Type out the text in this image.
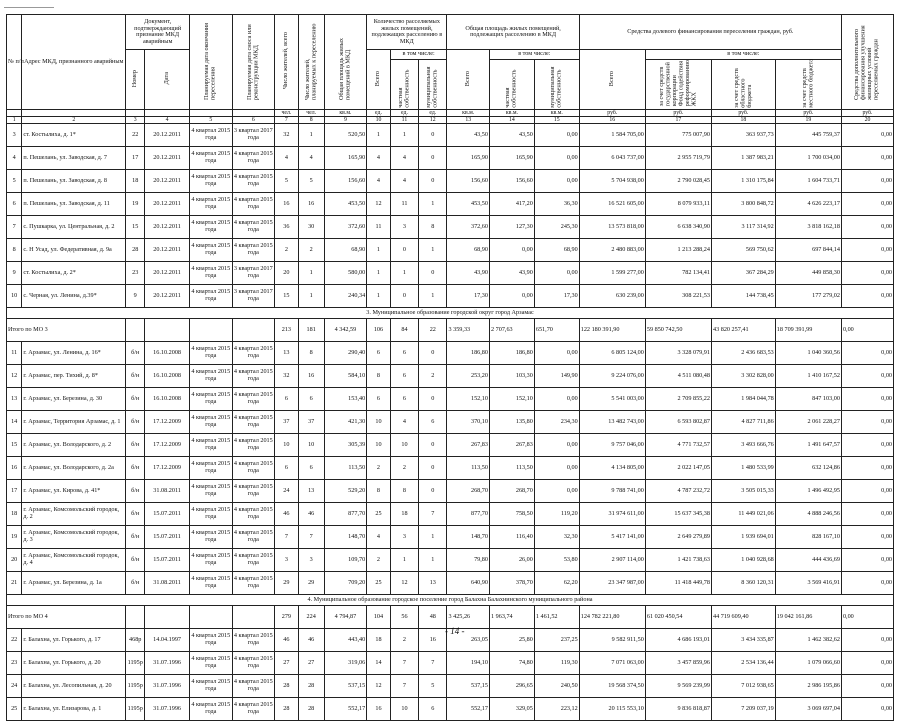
№ п/п	Адрес МКД, признанного аварийным	Документ, подтверждающий признание МКД аварийным		Планируемая дата окончания переселения	Планируемая дата сноса или реконструкции МКД	Число жителей, всего	Число жителей, планируемых к переселению	Общая площадь жилых помещений в МКД	Количество расселяемых жилых помещений, подлежащих расселению в МКД			Общая площадь жилых помещений, подлежащих расселению в МКД			Средства долевого финансирования переселения граждан, руб.				Средства дополнительного финансирования улучшения жилищных условий переселяемых граждан
		Номер	Дата						Всего	в том числе:		Всего	в том числе:		Всего	в том числе:			
										частная собственность	муниципальная собственность		частная собственность	муниципальная собственность		за счет средств государственной корпорации Фонд содействия реформированию ЖКХ	за счет средств областного бюджета	за счет средств местного бюджета	
						чел.	чел.	кв.м.	ед.	ед.	ед.	кв.м.	кв.м.	кв.м.	руб.	руб.	руб.	руб.	руб.
1	2	3	4	5	6	7	8	9	10	11	12	13	14	15	16	17	18	19	20
3	ст. Костылихa, д. 1*	22	20.12.2011	4 квартал 2015 года	3 квартал 2017 года	32	1	520,50	1	1	0	43,50	43,50	0,00	1 584 705,00	775 007,90	363 937,73	445 759,37	0,00
4	п. Пешелань, ул. Заводская, д. 7	17	20.12.2011	4 квартал 2015 года	4 квартал 2015 года	4	4	165,90	4	4	0	165,90	165,90	0,00	6 043 737,00	2 955 719,79	1 387 983,21	1 700 034,00	0,00
5	п. Пешелань, ул. Заводская, д. 8	18	20.12.2011	4 квартал 2015 года	4 квартал 2015 года	5	5	156,60	4	4	0	156,60	156,60	0,00	5 704 938,00	2 790 028,45	1 310 175,84	1 604 733,71	0,00
6	п. Пешелань, ул. Заводская, д. 11	19	20.12.2011	4 квартал 2015 года	4 квартал 2015 года	16	16	453,50	12	11	1	453,50	417,20	36,30	16 521 605,00	8 079 933,11	3 800 848,72	4 626 223,17	0,00
7	с. Пушкарка, ул. Центральная, д. 2	15	20.12.2011	4 квартал 2015 года	4 квартал 2015 года	36	30	372,60	11	3	8	372,60	127,30	245,30	13 573 818,00	6 638 340,90	3 117 314,92	3 818 162,18	0,00
8	с. Н Усад, ул. Федеративная, д. 9а	28	20.12.2011	4 квартал 2015 года	4 квартал 2015 года	2	2	68,90	1	0	1	68,90	0,00	68,90	2 480 883,00	1 213 288,24	569 750,62	697 844,14	0,00
9	ст. Костылихa, д. 2*	23	20.12.2011	4 квартал 2015 года	3 квартал 2017 года	20	1	580,00	1	1	0	43,90	43,90	0,00	1 599 277,00	782 134,41	367 284,29	449 858,30	0,00
10	с. Черная, ул. Ленина, д.39*	9	20.12.2011	4 квартал 2015 года	3 квартал 2017 года	15	1	240,34	1	0	1	17,30	0,00	17,30	630 239,00	308 221,53	144 738,45	177 279,02	0,00
3. Муниципальное образование городской округ город Арзамас																			
Итого по МО 3						213	181	4 342,59	106	84	22	3 359,33	2 707,63	651,70	122 180 391,90	59 850 742,50	43 820 257,41	18 709 391,99	0,00
11	г. Арзамас, ул. Ленина, д. 16*	б/н	16.10.2008	4 квартал 2015 года	4 квартал 2015 года	13	8	290,40	6	6	0	186,80	186,80	0,00	6 805 124,00	3 328 079,91	2 436 683,53	1 040 360,56	0,00
12	г. Арзамас, пер. Тихий, д. 8*	б/н	16.10.2008	4 квартал 2015 года	4 квартал 2015 года	32	16	584,10	8	6	2	253,20	103,30	149,90	9 224 076,00	4 511 080,48	3 302 828,00	1 410 167,52	0,00
13	г. Арзамас, ул. Березина, д. 30	б/н	16.10.2008	4 квартал 2015 года	4 квартал 2015 года	6	6	153,40	6	6	0	152,10	152,10	0,00	5 541 003,00	2 709 855,22	1 984 044,78	847 103,00	0,00
14	г. Арзамас, Территория Арзамас, д. 1	б/н	17.12.2009	4 квартал 2015 года	4 квартал 2015 года	37	37	421,30	10	4	6	370,10	135,80	234,30	13 482 743,00	6 593 802,87	4 827 711,86	2 061 228,27	0,00
15	г. Арзамас, ул. Володарского, д. 2	б/н	17.12.2009	4 квартал 2015 года	4 квартал 2015 года	10	10	305,39	10	10	0	267,83	267,83	0,00	9 757 046,00	4 771 732,57	3 493 666,76	1 491 647,57	0,00
16	г. Арзамас, ул. Володарского, д. 2а	б/н	17.12.2009	4 квартал 2015 года	4 квартал 2015 года	6	6	113,50	2	2	0	113,50	113,50	0,00	4 134 805,00	2 022 147,05	1 480 533,99	632 124,86	0,00
17	г. Арзамас, ул. Кирова, д. 41*	б/н	31.08.2011	4 квартал 2015 года	4 квартал 2015 года	24	13	529,20	8	8	0	268,70	268,70	0,00	9 788 741,00	4 787 232,72	3 505 015,33	1 496 492,95	0,00
18	г. Арзамас, Комсомольский городок, д. 2	б/н	15.07.2011	4 квартал 2015 года	4 квартал 2015 года	46	46	877,70	25	18	7	877,70	758,50	119,20	31 974 611,00	15 637 345,38	11 449 021,06	4 888 246,56	0,00
19	г. Арзамас, Комсомольский городок, д. 3	б/н	15.07.2011	4 квартал 2015 года	4 квартал 2015 года	7	7	148,70	4	3	1	148,70	116,40	32,30	5 417 141,00	2 649 279,89	1 939 694,01	828 167,10	0,00
20	г. Арзамас, Комсомольский городок, д. 4	б/н	15.07.2011	4 квартал 2015 года	4 квартал 2015 года	3	3	109,70	2	1	1	79,80	26,00	53,80	2 907 114,00	1 421 738,63	1 040 928,68	444 436,69	0,00
21	г. Арзамас, ул. Березина, д. 1а	б/н	31.08.2011	4 квартал 2015 года	4 квартал 2015 года	29	29	709,20	25	12	13	640,90	378,70	62,20	23 347 987,00	11 418 449,78	8 360 120,31	3 569 416,91	0,00
4. Муниципальное образование городское поселение город Балахна Балахнинского муниципального района																			
Итого по МО 4						279	224	4 794,87	104	56	48	3 425,26	1 963,74	1 461,52	124 782 221,80	61 020 450,54	44 719 609,40	19 042 161,86	0,00
22	г. Балахна, ул. Горького, д. 17	468р	14.04.1997	4 квартал 2015 года	4 квартал 2015 года	46	46	443,40	18	2	16	263,05	25,80	237,25	9 582 911,50	4 686 193,01	3 434 335,87	1 462 382,62	0,00
23	г. Балахна, ул. Горького, д. 20	1195р	31.07.1996	4 квартал 2015 года	4 квартал 2015 года	27	27	319,06	14	7	7	194,10	74,80	119,30	7 071 063,00	3 457 859,96	2 534 136,44	1 079 066,60	0,00
24	г. Балахна, ул. Лесопильная, д. 20	1195р	31.07.1996	4 квартал 2015 года	4 квартал 2015 года	28	28	537,15	12	7	5	537,15	296,65	240,50	19 568 374,50	9 569 239,99	7 012 938,65	2 986 195,86	0,00
25	г. Балахна, ул. Елизарова, д. 1	1195р	31.07.1996	4 квартал 2015 года	4 квартал 2015 года	28	28	552,17	16	10	6	552,17	329,05	223,12	20 115 553,10	9 836 818,87	7 209 037,19	3 069 697,04	0,00
- 14 -
